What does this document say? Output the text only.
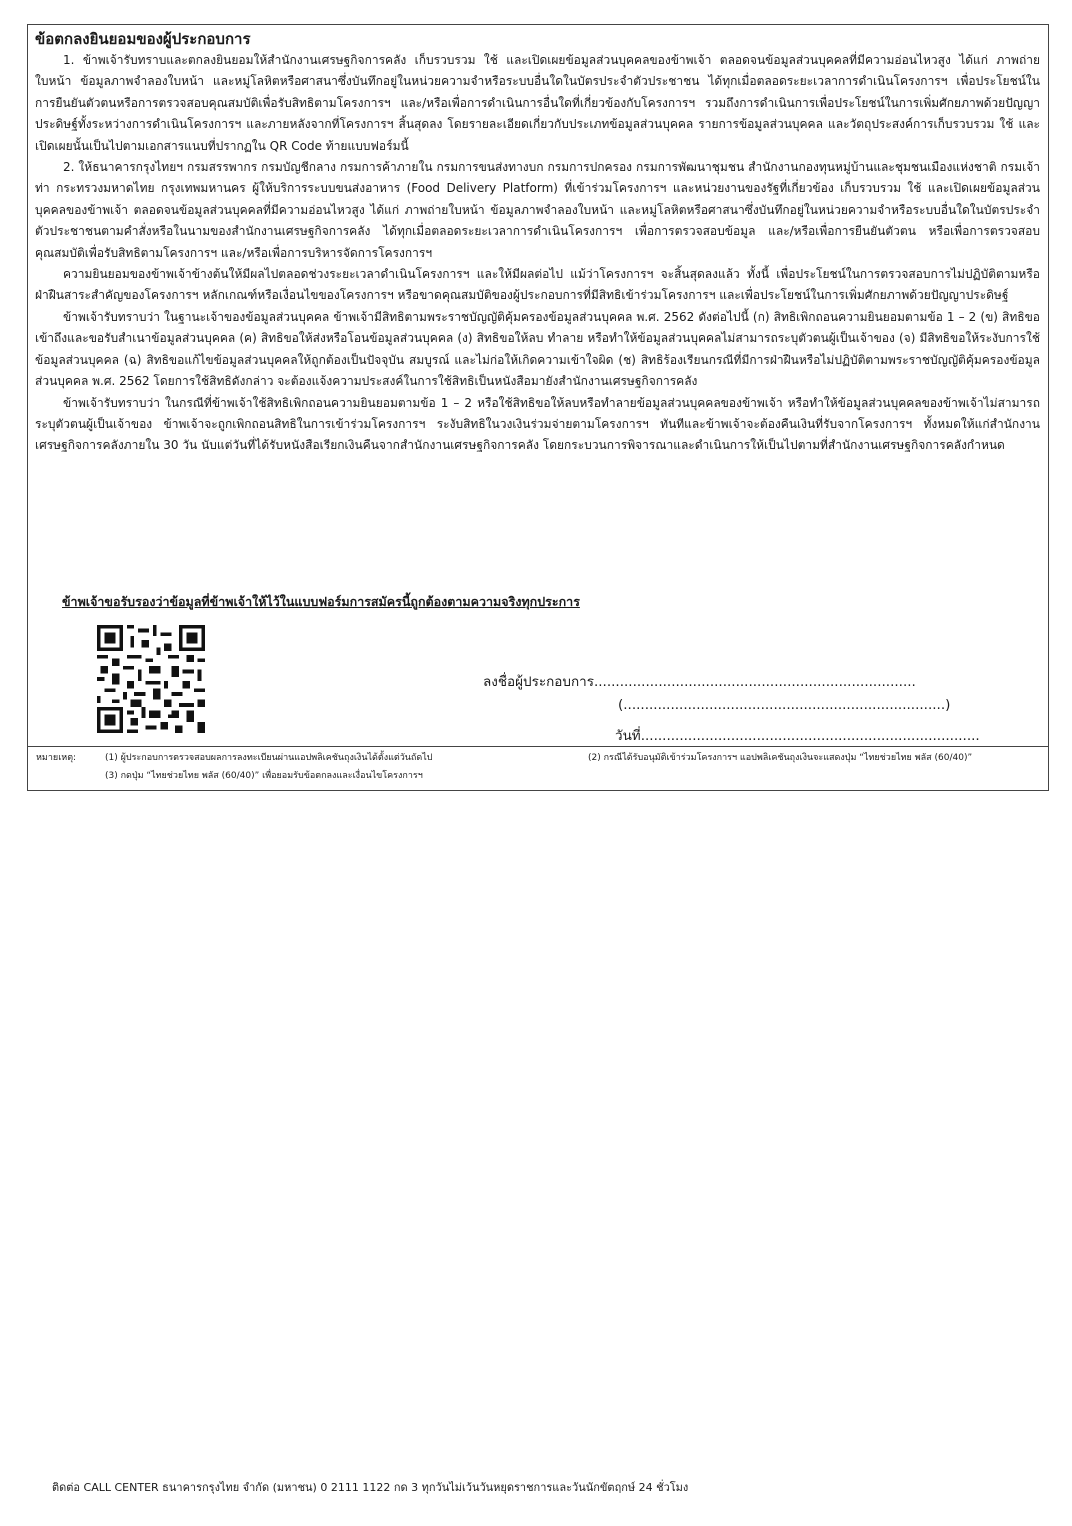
ข้อตกลงยินยอมของผู้ประกอบการ

1. ข้าพเจ้ารับทราบและตกลงยินยอมให้สำนักงานเศรษฐกิจการคลัง เก็บรวบรวม ใช้ และเปิดเผยข้อมูลส่วนบุคคลของข้าพเจ้า ตลอดจนข้อมูลส่วนบุคคลที่มีความอ่อนไหวสูง ได้แก่ ภาพถ่ายใบหน้า ข้อมูลภาพจำลองใบหน้า และหมู่โลหิตหรือศาสนาซึ่งบันทึกอยู่ในหน่วยความจำหรือระบบอื่นใดในบัตรประจำตัวประชาชน ได้ทุกเมื่อตลอดระยะเวลาการดำเนินโครงการฯ เพื่อประโยชน์ในการยืนยันตัวตนหรือการตรวจสอบคุณสมบัติเพื่อรับสิทธิตามโครงการฯ และ/หรือเพื่อการดำเนินการอื่นใดที่เกี่ยวข้องกับโครงการฯ รวมถึงการดำเนินการเพื่อประโยชน์ในการเพิ่มศักยภาพด้วยปัญญาประดิษฐ์ทั้งระหว่างการดำเนินโครงการฯ และภายหลังจากที่โครงการฯ สิ้นสุดลง โดยรายละเอียดเกี่ยวกับประเภทข้อมูลส่วนบุคคล รายการข้อมูลส่วนบุคคล และวัตถุประสงค์การเก็บรวบรวม ใช้ และเปิดเผยนั้นเป็นไปตามเอกสารแนบที่ปรากฏใน QR Code ท้ายแบบฟอร์มนี้

2. ให้ธนาคารกรุงไทยฯ กรมสรรพากร กรมบัญชีกลาง กรมการค้าภายใน กรมการขนส่งทางบก กรมการปกครอง กรมการพัฒนาชุมชน สำนักงานกองทุนหมู่บ้านและชุมชนเมืองแห่งชาติ กรมเจ้าท่า กระทรวงมหาดไทย กรุงเทพมหานคร ผู้ให้บริการระบบขนส่งอาหาร (Food Delivery Platform) ที่เข้าร่วมโครงการฯ และหน่วยงานของรัฐที่เกี่ยวข้อง เก็บรวบรวม ใช้ และเปิดเผยข้อมูลส่วนบุคคลของข้าพเจ้า ตลอดจนข้อมูลส่วนบุคคลที่มีความอ่อนไหวสูง ได้แก่ ภาพถ่ายใบหน้า ข้อมูลภาพจำลองใบหน้า และหมู่โลหิตหรือศาสนาซึ่งบันทึกอยู่ในหน่วยความจำหรือระบบอื่นใดในบัตรประจำตัวประชาชนตามคำสั่งหรือในนามของสำนักงานเศรษฐกิจการคลัง ได้ทุกเมื่อตลอดระยะเวลาการดำเนินโครงการฯ เพื่อการตรวจสอบข้อมูล และ/หรือเพื่อการยืนยันตัวตน หรือเพื่อการตรวจสอบคุณสมบัติเพื่อรับสิทธิตามโครงการฯ และ/หรือเพื่อการบริหารจัดการโครงการฯ

ความยินยอมของข้าพเจ้าข้างต้นให้มีผลไปตลอดช่วงระยะเวลาดำเนินโครงการฯ และให้มีผลต่อไป แม้ว่าโครงการฯ จะสิ้นสุดลงแล้ว ทั้งนี้ เพื่อประโยชน์ในการตรวจสอบการไม่ปฏิบัติตามหรือฝ่าฝืนสาระสำคัญของโครงการฯ หลักเกณฑ์หรือเงื่อนไขของโครงการฯ หรือขาดคุณสมบัติของผู้ประกอบการที่มีสิทธิเข้าร่วมโครงการฯ และเพื่อประโยชน์ในการเพิ่มศักยภาพด้วยปัญญาประดิษฐ์

ข้าพเจ้ารับทราบว่า ในฐานะเจ้าของข้อมูลส่วนบุคคล ข้าพเจ้ามีสิทธิตามพระราชบัญญัติคุ้มครองข้อมูลส่วนบุคคล พ.ศ. 2562 ดังต่อไปนี้ (ก) สิทธิเพิกถอนความยินยอมตามข้อ 1 – 2 (ข) สิทธิขอเข้าถึงและขอรับสำเนาข้อมูลส่วนบุคคล (ค) สิทธิขอให้ส่งหรือโอนข้อมูลส่วนบุคคล (ง) สิทธิขอให้ลบ ทำลาย หรือทำให้ข้อมูลส่วนบุคคลไม่สามารถระบุตัวตนผู้เป็นเจ้าของ (จ) มีสิทธิขอให้ระงับการใช้ข้อมูลส่วนบุคคล (ฉ) สิทธิขอแก้ไขข้อมูลส่วนบุคคลให้ถูกต้องเป็นปัจจุบัน สมบูรณ์ และไม่ก่อให้เกิดความเข้าใจผิด (ช) สิทธิร้องเรียนกรณีที่มีการฝ่าฝืนหรือไม่ปฏิบัติตามพระราชบัญญัติคุ้มครองข้อมูลส่วนบุคคล พ.ศ. 2562 โดยการใช้สิทธิดังกล่าว จะต้องแจ้งความประสงค์ในการใช้สิทธิเป็นหนังสือมายังสำนักงานเศรษฐกิจการคลัง

ข้าพเจ้ารับทราบว่า ในกรณีที่ข้าพเจ้าใช้สิทธิเพิกถอนความยินยอมตามข้อ 1 – 2 หรือใช้สิทธิขอให้ลบหรือทำลายข้อมูลส่วนบุคคลของข้าพเจ้า หรือทำให้ข้อมูลส่วนบุคคลของข้าพเจ้าไม่สามารถระบุตัวตนผู้เป็นเจ้าของ ข้าพเจ้าจะถูกเพิกถอนสิทธิในการเข้าร่วมโครงการฯ ระงับสิทธิในวงเงินร่วมจ่ายตามโครงการฯ ทันทีและข้าพเจ้าจะต้องคืนเงินที่รับจากโครงการฯ ทั้งหมดให้แก่สำนักงานเศรษฐกิจการคลังภายใน 30 วัน นับแต่วันที่ได้รับหนังสือเรียกเงินคืนจากสำนักงานเศรษฐกิจการคลัง โดยกระบวนการพิจารณาและดำเนินการให้เป็นไปตามที่สำนักงานเศรษฐกิจการคลังกำหนด

ข้าพเจ้าขอรับรองว่าข้อมูลที่ข้าพเจ้าให้ไว้ในแบบฟอร์มการสมัครนี้ถูกต้องตามความจริงทุกประการ
ลงชื่อผู้ประกอบการ...........................................................................
(...........................................................................)
วันที่...............................................................................
หมายเหตุ:	(1) ผู้ประกอบการตรวจสอบผลการลงทะเบียนผ่านแอปพลิเคชันถุงเงินได้ตั้งแต่วันถัดไป	(2) กรณีได้รับอนุมัติเข้าร่วมโครงการฯ แอปพลิเคชันถุงเงินจะแสดงปุ่ม “ไทยช่วยไทย พลัส (60/40)”
(3) กดปุ่ม “ไทยช่วยไทย พลัส (60/40)” เพื่อยอมรับข้อตกลงและเงื่อนไขโครงการฯ
ติดต่อ CALL CENTER ธนาคารกรุงไทย จำกัด (มหาชน) 0 2111 1122 กด 3 ทุกวันไม่เว้นวันหยุดราชการและวันนักขัตฤกษ์ 24 ชั่วโมง
